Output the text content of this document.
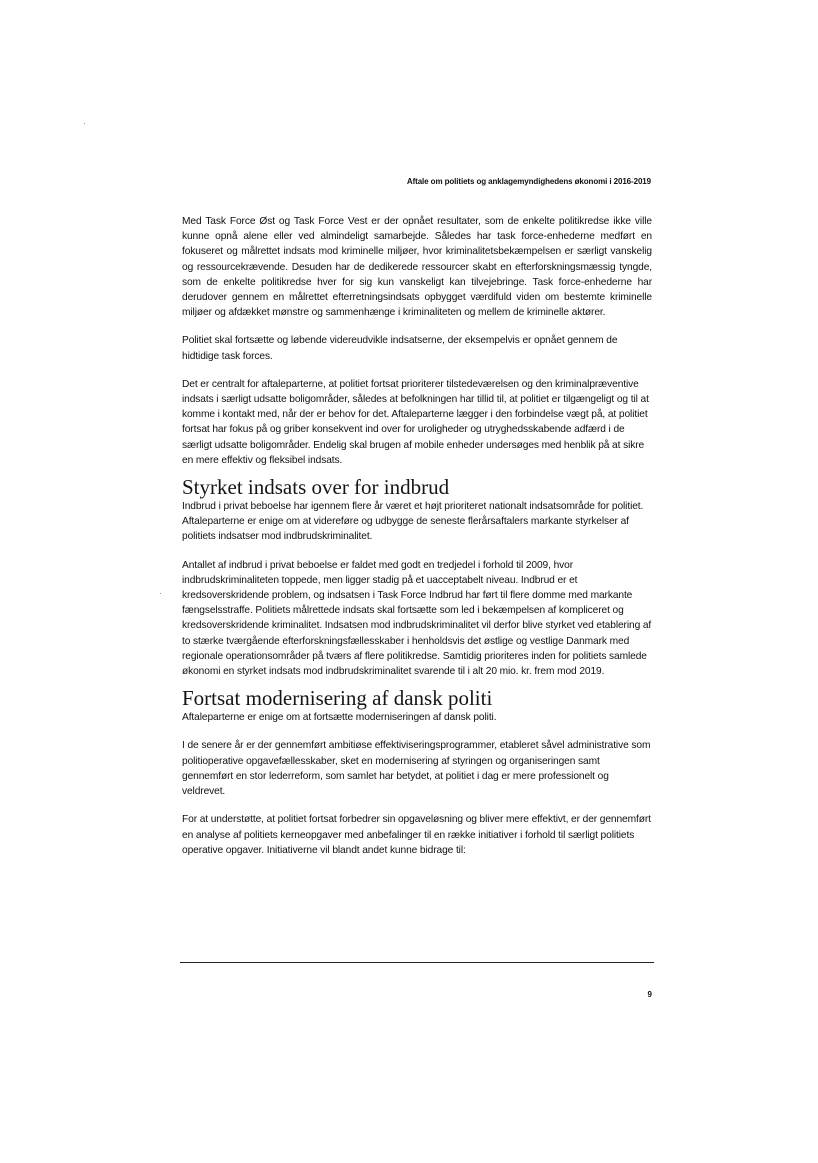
Aftale om politiets og anklagemyndighedens økonomi i 2016-2019

Med Task Force Øst og Task Force Vest er der opnået resultater, som de enkelte politikredse ikke ville kunne opnå alene eller ved almindeligt samarbejde. Således har task force-enhederne medført en fokuseret og målrettet indsats mod kriminelle miljøer, hvor kriminalitetsbekæmpelsen er særligt vanskelig og ressourcekrævende. Desuden har de dedikerede ressourcer skabt en efterforskningsmæssig tyngde, som de enkelte politikredse hver for sig kun vanskeligt kan tilvejebringe. Task force-enhederne har derudover gennem en målrettet efterretningsindsats opbygget værdifuld viden om bestemte kriminelle miljøer og afdækket mønstre og sammenhænge i kriminaliteten og mellem de kriminelle aktører.

Politiet skal fortsætte og løbende videreudvikle indsatserne, der eksempelvis er opnået gennem de hidtidige task forces.

Det er centralt for aftaleparterne, at politiet fortsat prioriterer tilstedeværelsen og den kriminalpræventive indsats i særligt udsatte boligområder, således at befolkningen har tillid til, at politiet er tilgængeligt og til at komme i kontakt med, når der er behov for det. Aftaleparterne lægger i den forbindelse vægt på, at politiet fortsat har fokus på og griber konsekvent ind over for uroligheder og utryghedsskabende adfærd i de særligt udsatte boligområder. Endelig skal brugen af mobile enheder undersøges med henblik på at sikre en mere effektiv og fleksibel indsats.

Styrket indsats over for indbrud

Indbrud i privat beboelse har igennem flere år været et højt prioriteret nationalt indsatsområde for politiet. Aftaleparterne er enige om at videreføre og udbygge de seneste flerårsaftalers markante styrkelser af politiets indsatser mod indbrudskriminalitet.

Antallet af indbrud i privat beboelse er faldet med godt en tredjedel i forhold til 2009, hvor indbrudskriminaliteten toppede, men ligger stadig på et uacceptabelt niveau. Indbrud er et kredsoverskridende problem, og indsatsen i Task Force Indbrud har ført til flere domme med markante fængselsstraffe. Politiets målrettede indsats skal fortsætte som led i bekæmpelsen af kompliceret og kredsoverskridende kriminalitet. Indsatsen mod indbrudskriminalitet vil derfor blive styrket ved etablering af to stærke tværgående efterforskningsfællesskaber i henholdsvis det østlige og vestlige Danmark med regionale operationsområder på tværs af flere politikredse. Samtidig prioriteres inden for politiets samlede økonomi en styrket indsats mod indbrudskriminalitet svarende til i alt 20 mio. kr. frem mod 2019.

Fortsat modernisering af dansk politi

Aftaleparterne er enige om at fortsætte moderniseringen af dansk politi.

I de senere år er der gennemført ambitiøse effektiviseringsprogrammer, etableret såvel administrative som politioperative opgavefællesskaber, sket en modernisering af styringen og organiseringen samt gennemført en stor lederreform, som samlet har betydet, at politiet i dag er mere professionelt og veldrevet.

For at understøtte, at politiet fortsat forbedrer sin opgaveløsning og bliver mere effektivt, er der gennemført en analyse af politiets kerneopgaver med anbefalinger til en række initiativer i forhold til særligt politiets operative opgaver. Initiativerne vil blandt andet kunne bidrage til:

9
